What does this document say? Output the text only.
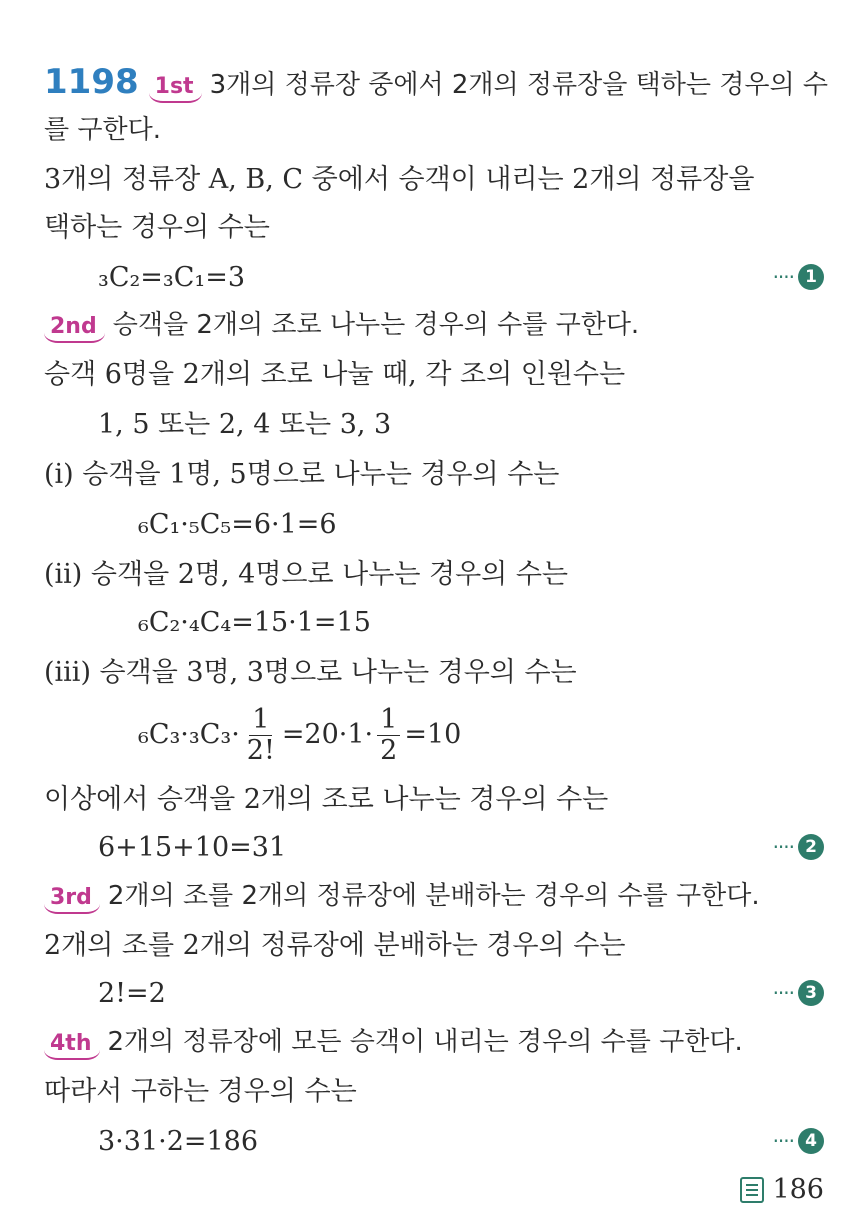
1198 1st 3개의 정류장 중에서 2개의 정류장을 택하는 경우의 수
를 구한다.
3개의 정류장 A, B, C 중에서 승객이 내리는 2개의 정류장을
택하는 경우의 수는
₃C₂=₃C₁=3	···· 1
2nd 승객을 2개의 조로 나누는 경우의 수를 구한다.
승객 6명을 2개의 조로 나눌 때, 각 조의 인원수는
1, 5 또는 2, 4 또는 3, 3
(ⅰ) 승객을 1명, 5명으로 나누는 경우의 수는
₆C₁·₅C₅=6·1=6
(ⅱ) 승객을 2명, 4명으로 나누는 경우의 수는
₆C₂·₄C₄=15·1=15
(ⅲ) 승객을 3명, 3명으로 나누는 경우의 수는
$_6C_3\cdot_3C_3\cdot \frac{1}{2!} =20\cdot 1\cdot \frac{1}{2} =10$
이상에서 승객을 2개의 조로 나누는 경우의 수는
6+15+10=31	···· 2
3rd 2개의 조를 2개의 정류장에 분배하는 경우의 수를 구한다.
2개의 조를 2개의 정류장에 분배하는 경우의 수는
2!=2	···· 3
4th 2개의 정류장에 모든 승객이 내리는 경우의 수를 구한다.
따라서 구하는 경우의 수는
3·31·2=186	···· 4
186
